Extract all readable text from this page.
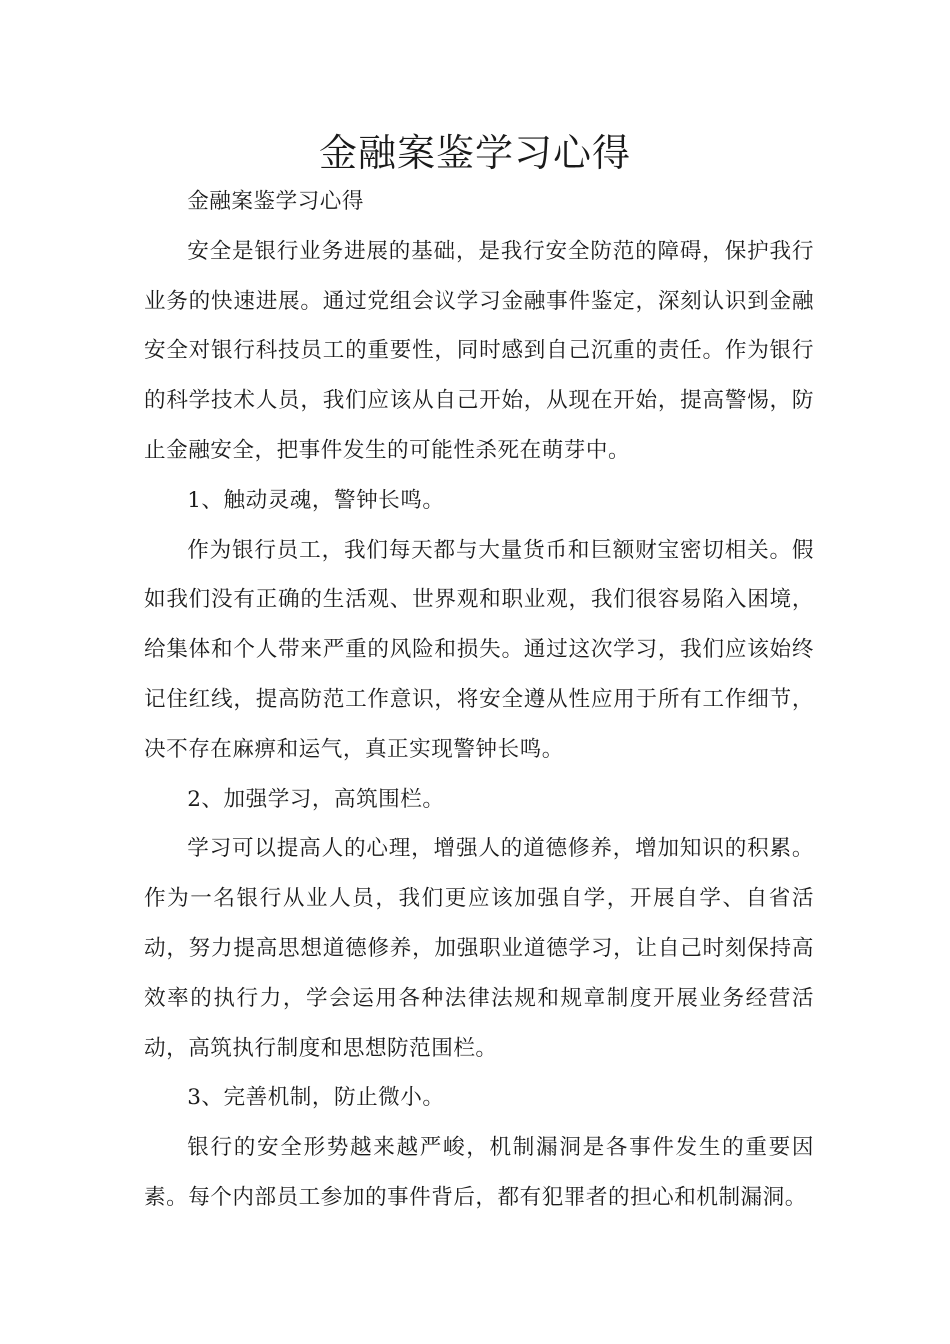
金融案鉴学习心得

金融案鉴学习心得

安全是银行业务进展的基础，是我行安全防范的障碍，保护我行业务的快速进展。通过党组会议学习金融事件鉴定，深刻认识到金融安全对银行科技员工的重要性，同时感到自己沉重的责任。作为银行的科学技术人员，我们应该从自己开始，从现在开始，提高警惕，防止金融安全，把事件发生的可能性杀死在萌芽中。

1、触动灵魂，警钟长鸣。

作为银行员工，我们每天都与大量货币和巨额财宝密切相关。假如我们没有正确的生活观、世界观和职业观，我们很容易陷入困境，给集体和个人带来严重的风险和损失。通过这次学习，我们应该始终记住红线，提高防范工作意识，将安全遵从性应用于所有工作细节，决不存在麻痹和运气，真正实现警钟长鸣。

2、加强学习，高筑围栏。

学习可以提高人的心理，增强人的道德修养，增加知识的积累。作为一名银行从业人员，我们更应该加强自学，开展自学、自省活动，努力提高思想道德修养，加强职业道德学习，让自己时刻保持高效率的执行力，学会运用各种法律法规和规章制度开展业务经营活动，高筑执行制度和思想防范围栏。

3、完善机制，防止微小。

银行的安全形势越来越严峻，机制漏洞是各事件发生的重要因素。每个内部员工参加的事件背后，都有犯罪者的担心和机制漏洞。
